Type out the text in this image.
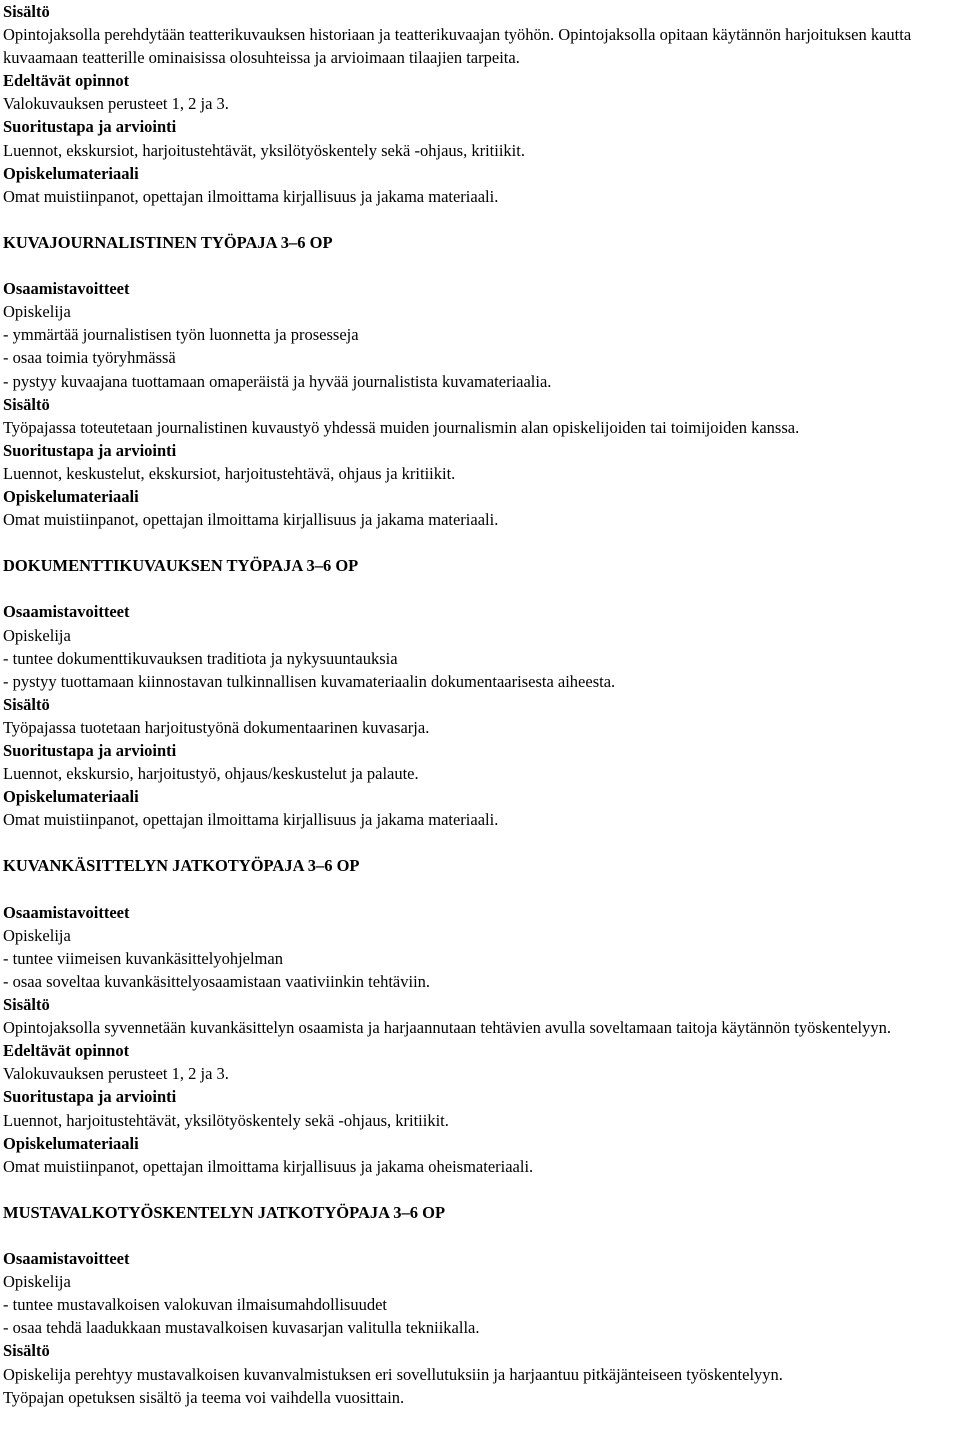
Sisältö
Opintojaksolla perehdytään teatterikuvauksen historiaan ja teatterikuvaajan työhön. Opintojaksolla opitaan käytännön harjoituksen kautta kuvaamaan teatterille ominaisissa olosuhteissa ja arvioimaan tilaajien tarpeita.
Edeltävät opinnot
Valokuvauksen perusteet 1, 2 ja 3.
Suoritustapa ja arviointi
Luennot, ekskursiot, harjoitustehtävät, yksilötyöskentely sekä -ohjaus, kritiikit.
Opiskelumateriaali
Omat muistiinpanot, opettajan ilmoittama kirjallisuus ja jakama materiaali.
KUVAJOURNALISTINEN TYÖPAJA 3–6 OP
Osaamistavoitteet
Opiskelija
- ymmärtää journalistisen työn luonnetta ja prosesseja
- osaa toimia työryhmässä
- pystyy kuvaajana tuottamaan omaperäistä ja hyvää journalistista kuvamateriaalia.
Sisältö
Työpajassa toteutetaan journalistinen kuvaustyö yhdessä muiden journalismin alan opiskelijoiden tai toimijoiden kanssa.
Suoritustapa ja arviointi
Luennot, keskustelut, ekskursiot, harjoitustehtävä, ohjaus ja kritiikit.
Opiskelumateriaali
Omat muistiinpanot, opettajan ilmoittama kirjallisuus ja jakama materiaali.
DOKUMENTTIKUVAUKSEN TYÖPAJA 3–6 OP
Osaamistavoitteet
Opiskelija
- tuntee dokumenttikuvauksen traditiota ja nykysuuntauksia
- pystyy tuottamaan kiinnostavan tulkinnallisen kuvamateriaalin dokumentaarisesta aiheesta.
Sisältö
Työpajassa tuotetaan harjoitustyönä dokumentaarinen kuvasarja.
Suoritustapa ja arviointi
Luennot, ekskursio, harjoitustyö, ohjaus/keskustelut ja palaute.
Opiskelumateriaali
Omat muistiinpanot, opettajan ilmoittama kirjallisuus ja jakama materiaali.
KUVANKÄSITTELYN JATKOTYÖPAJA 3–6 OP
Osaamistavoitteet
Opiskelija
- tuntee viimeisen kuvankäsittelyohjelman
- osaa soveltaa kuvankäsittelyosaamistaan vaativiinkin tehtäviin.
Sisältö
Opintojaksolla syvennetään kuvankäsittelyn osaamista ja harjaannutaan tehtävien avulla soveltamaan taitoja käytännön työskentelyyn.
Edeltävät opinnot
Valokuvauksen perusteet 1, 2 ja 3.
Suoritustapa ja arviointi
Luennot, harjoitustehtävät, yksilötyöskentely sekä -ohjaus, kritiikit.
Opiskelumateriaali
Omat muistiinpanot, opettajan ilmoittama kirjallisuus ja jakama oheismateriaali.
MUSTAVALKOTYÖSKENTELYN JATKOTYÖPAJA 3–6 OP
Osaamistavoitteet
Opiskelija
- tuntee mustavalkoisen valokuvan ilmaisumahdollisuudet
- osaa tehdä laadukkaan mustavalkoisen kuvasarjan valitulla tekniikalla.
Sisältö
Opiskelija perehtyy mustavalkoisen kuvanvalmistuksen eri sovellutuksiin ja harjaantuu pitkäjänteiseen työskentelyyn.
Työpajan opetuksen sisältö ja teema voi vaihdella vuosittain.
